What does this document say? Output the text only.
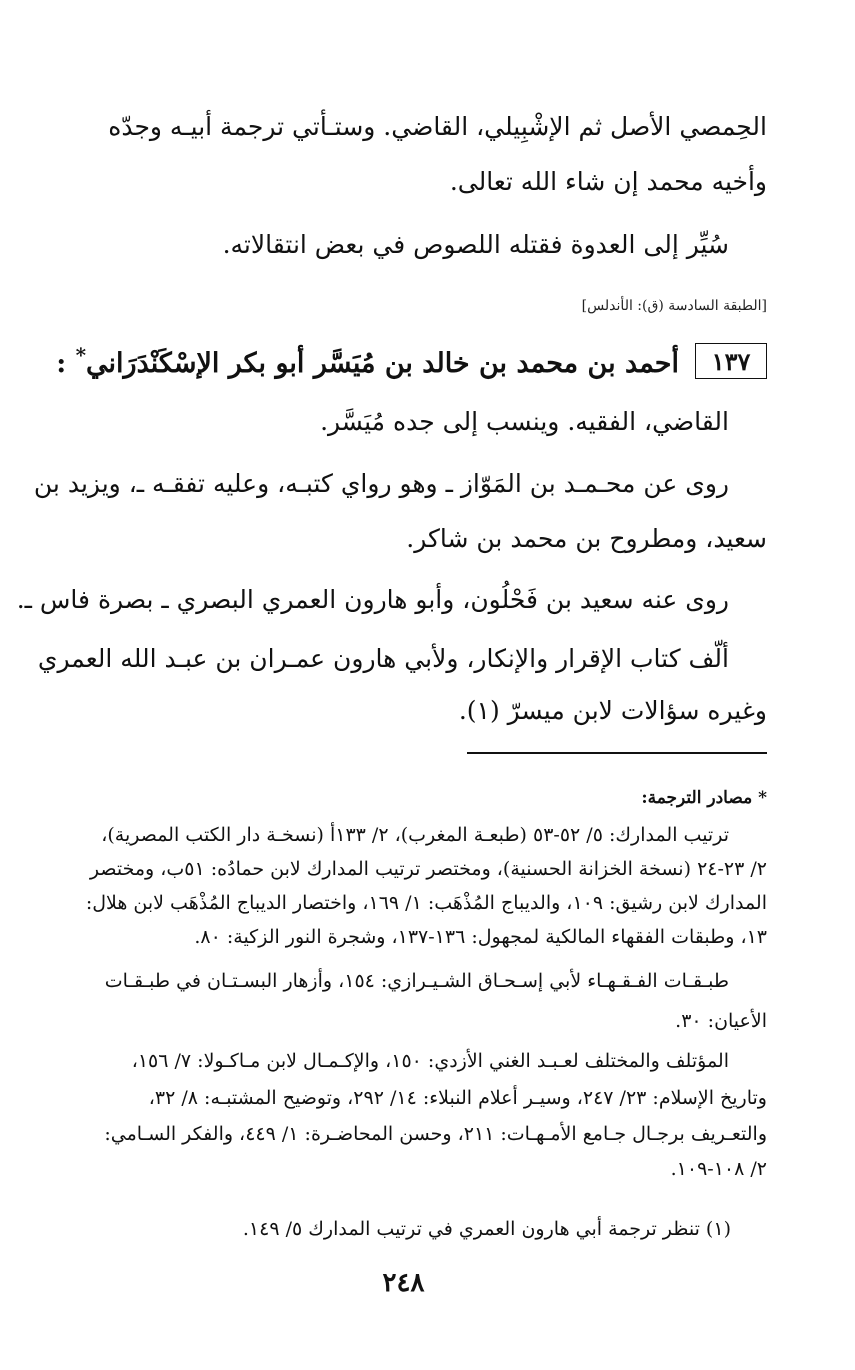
الحِمصي الأصل ثم الإشْبِيلي، القاضي. وستـأتي ترجمة أبيـه وجدّه
وأخيه محمد إن شاء الله تعالى.
سُيِّر إلى العدوة فقتله اللصوص في بعض انتقالاته.
[الطبقة السادسة (ق): الأندلس]
١٣٧
أحمد بن محمد بن خالد بن مُيَسَّر أبو بكر الإسْكَنْدَرَاني* :
القاضي، الفقيه. وينسب إلى جده مُيَسَّر.
روى عن محـمـد بن المَوّاز ـ وهو رواي كتبـه، وعليه تفقـه ـ، ويزيد بن
سعيد، ومطروح بن محمد بن شاكر.
روى عنه سعيد بن فَحْلُون، وأبو هارون العمري البصري ـ بصرة فاس ـ.
ألّف كتاب الإقرار والإنكار، ولأبي هارون عمـران بن عبـد الله العمري
وغيره سؤالات لابن ميسرّ (١).
* مصادر الترجمة:
ترتيب المدارك: ٥/ ٥٢-٥٣ (طبعـة المغرب)، ٢/ ١٣٣أ (نسخـة دار الكتب المصرية)،
٢/ ٢٣-٢٤ (نسخة الخزانة الحسنية)، ومختصر ترتيب المدارك لابن حمادُه: ٥١ب، ومختصر
المدارك لابن رشيق: ١٠٩، والديباج المُذْهَب: ١/ ١٦٩، واختصار الديباج المُذْهَب لابن هلال:
١٣، وطبقات الفقهاء المالكية لمجهول: ١٣٦-١٣٧، وشجرة النور الزكية: ٨٠.
طبـقـات الفـقـهـاء لأبي إسـحـاق الشـيـرازي: ١٥٤، وأزهار البسـتـان في طبـقـات
الأعيان: ٣٠.
المؤتلف والمختلف لعـبـد الغني الأزدي: ١٥٠، والإكـمـال لابن مـاكـولا: ٧/ ١٥٦،
وتاريخ الإسلام: ٢٣/ ٢٤٧، وسيـر أعلام النبلاء: ١٤/ ٢٩٢، وتوضيح المشتبـه: ٨/ ٣٢،
والتعـريف برجـال جـامع الأمـهـات: ٢١١، وحسن المحاضـرة: ١/ ٤٤٩، والفكر السـامي:
٢/ ١٠٨-١٠٩.
(١) تنظر ترجمة أبي هارون العمري في ترتيب المدارك ٥/ ١٤٩.
٢٤٨
